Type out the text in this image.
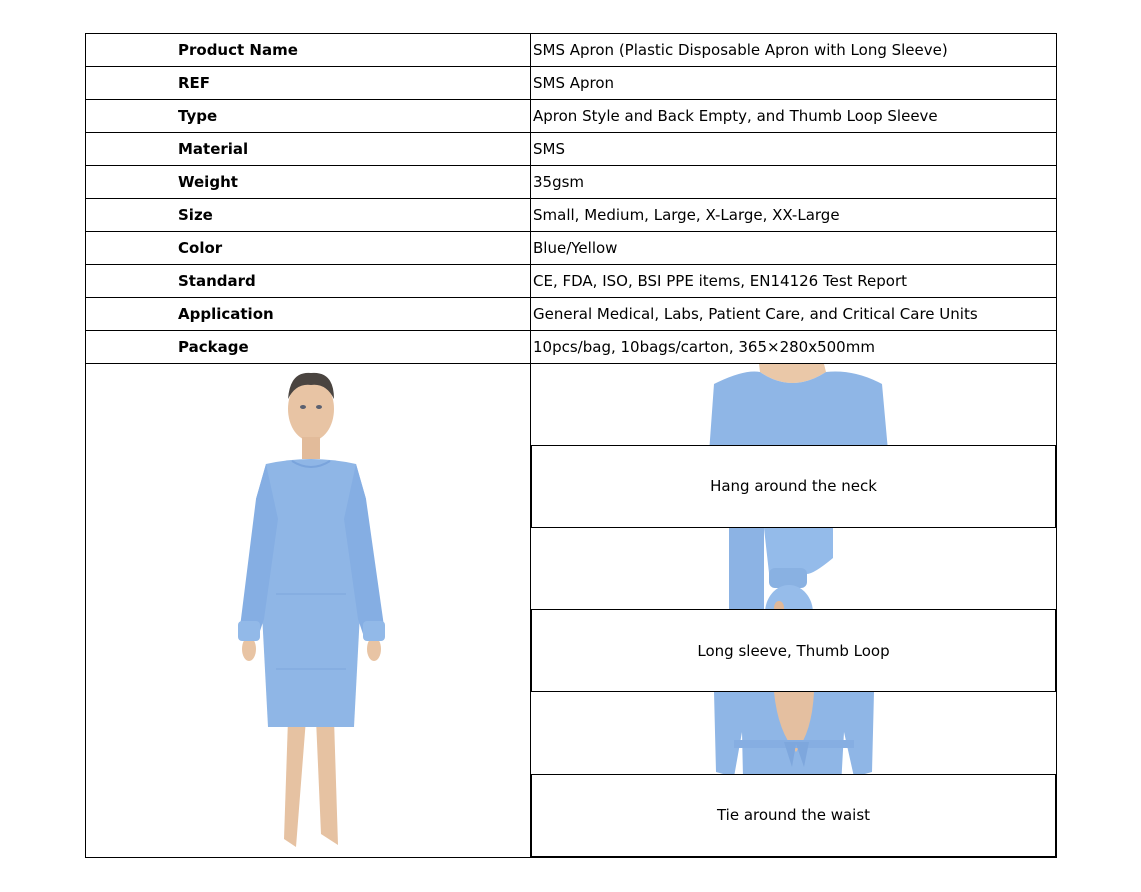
Product Name	SMS Apron (Plastic Disposable Apron with Long Sleeve)
REF	SMS Apron
Type	Apron Style and Back Empty, and Thumb Loop Sleeve
Material	SMS
Weight	35gsm
Size	Small, Medium, Large, X-Large, XX-Large
Color	Blue/Yellow
Standard	CE, FDA, ISO, BSI PPE items, EN14126 Test Report
Application	General Medical, Labs, Patient Care, and Critical Care Units
Package	10pcs/bag, 10bags/carton, 365×280x500mm

Hang around the neck

Long sleeve, Thumb Loop

Tie around the waist
